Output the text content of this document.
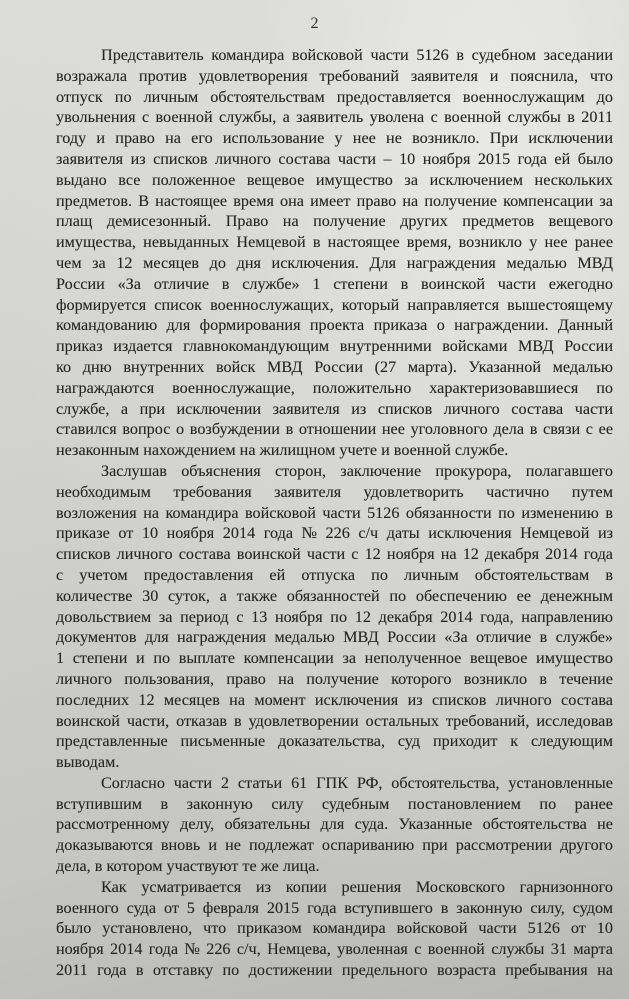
2
Представитель командира войсковой части 5126 в судебном заседании
возражала против удовлетворения требований заявителя и пояснила, что
отпуск по личным обстоятельствам предоставляется военнослужащим до
увольнения с военной службы, а заявитель уволена с военной службы в 2011
году и право на его использование у нее не возникло. При исключении
заявителя из списков личного состава части – 10 ноября 2015 года ей было
выдано все положенное вещевое имущество за исключением нескольких
предметов. В настоящее время она имеет право на получение компенсации за
плащ демисезонный. Право на получение других предметов вещевого
имущества, невыданных Немцевой в настоящее время, возникло у нее ранее
чем за 12 месяцев до дня исключения. Для награждения медалью МВД
России «За отличие в службе» 1 степени в воинской части ежегодно
формируется список военнослужащих, который направляется вышестоящему
командованию для формирования проекта приказа о награждении. Данный
приказ издается главнокомандующим внутренними войсками МВД России
ко дню внутренних войск МВД России (27 марта). Указанной медалью
награждаются военнослужащие, положительно характеризовавшиеся по
службе, а при исключении заявителя из списков личного состава части
ставился вопрос о возбуждении в отношении нее уголовного дела в связи с ее
незаконным нахождением на жилищном учете и военной службе.
Заслушав объяснения сторон, заключение прокурора, полагавшего
необходимым требования заявителя удовлетворить частично путем
возложения на командира войсковой части 5126 обязанности по изменению в
приказе от 10 ноября 2014 года № 226 с/ч даты исключения Немцевой из
списков личного состава воинской части с 12 ноября на 12 декабря 2014 года
с учетом предоставления ей отпуска по личным обстоятельствам в
количестве 30 суток, а также обязанностей по обеспечению ее денежным
довольствием за период с 13 ноября по 12 декабря 2014 года, направлению
документов для награждения медалью МВД России «За отличие в службе»
1 степени и по выплате компенсации за неполученное вещевое имущество
личного пользования, право на получение которого возникло в течение
последних 12 месяцев на момент исключения из списков личного состава
воинской части, отказав в удовлетворении остальных требований, исследовав
представленные письменные доказательства, суд приходит к следующим
выводам.
Согласно части 2 статьи 61 ГПК РФ, обстоятельства, установленные
вступившим в законную силу судебным постановлением по ранее
рассмотренному делу, обязательны для суда. Указанные обстоятельства не
доказываются вновь и не подлежат оспариванию при рассмотрении другого
дела, в котором участвуют те же лица.
Как усматривается из копии решения Московского гарнизонного
военного суда от 5 февраля 2015 года вступившего в законную силу, судом
было установлено, что приказом командира войсковой части 5126 от 10
ноября 2014 года № 226 с/ч, Немцева, уволенная с военной службы 31 марта
2011 года в отставку по достижении предельного возраста пребывания на
